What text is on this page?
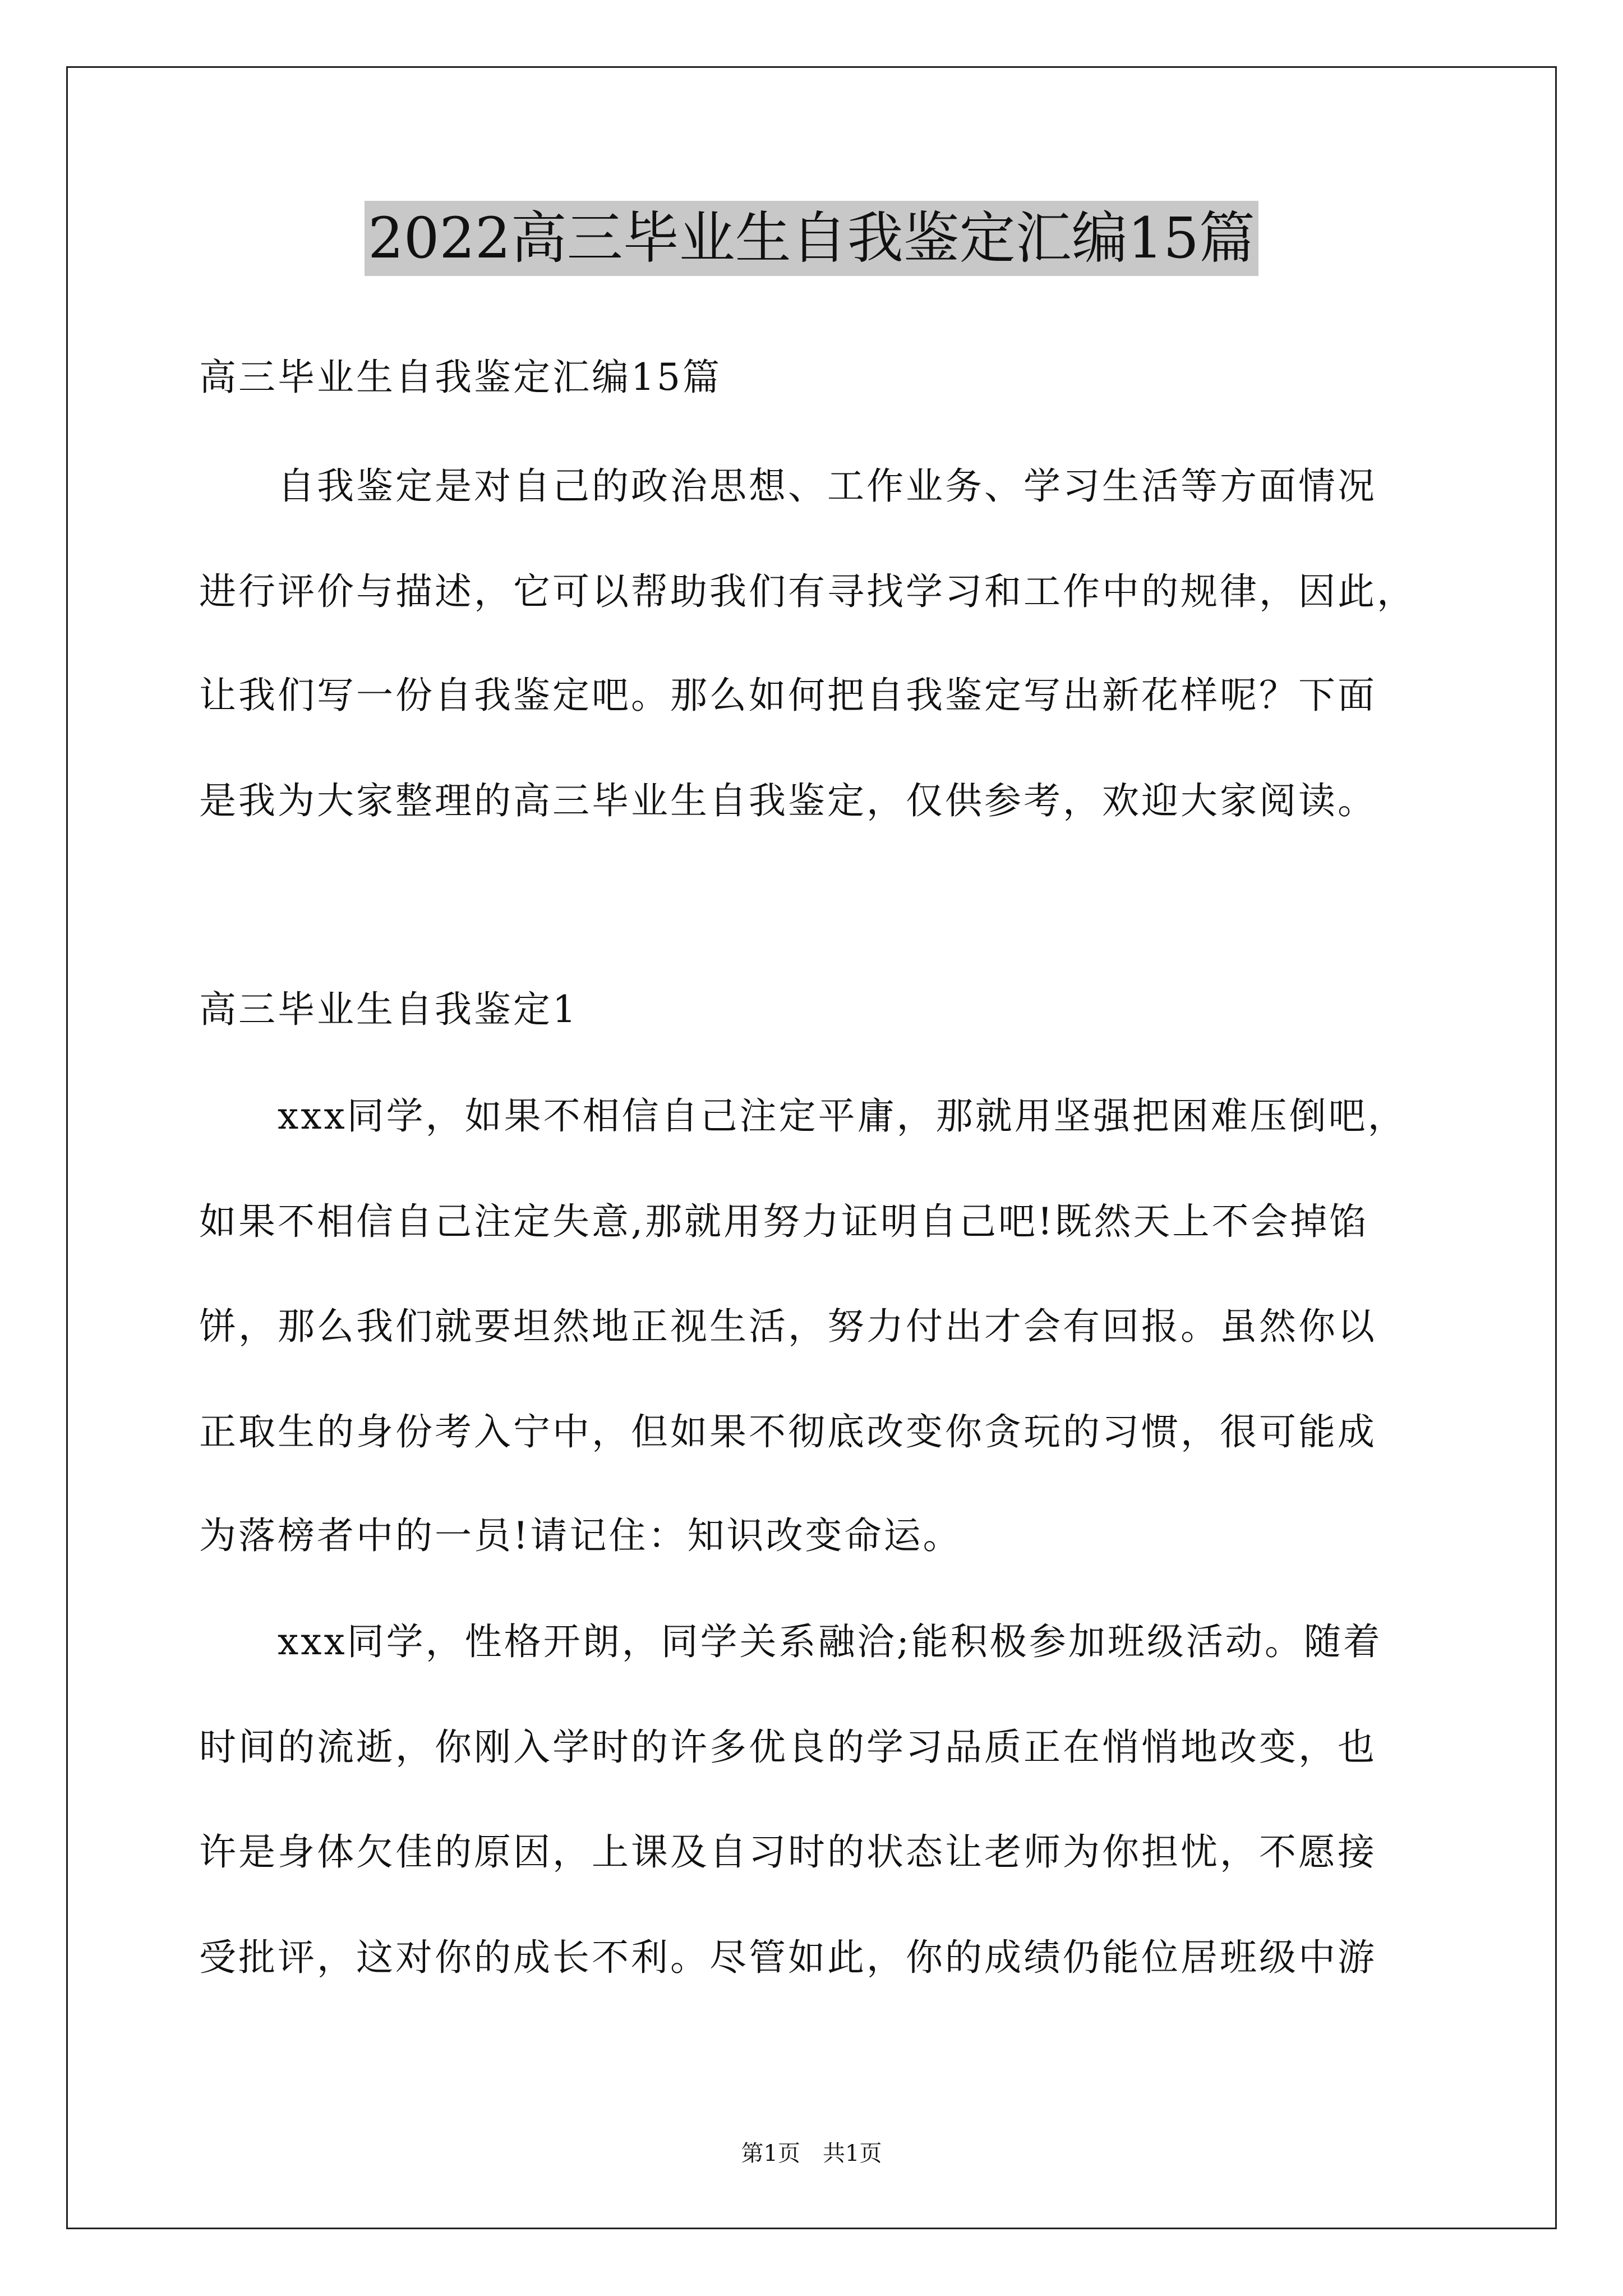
2022高三毕业生自我鉴定汇编15篇
高三毕业生自我鉴定汇编15篇
　　自我鉴定是对自己的政治思想、工作业务、学习生活等方面情况
进行评价与描述，它可以帮助我们有寻找学习和工作中的规律，因此，
让我们写一份自我鉴定吧。那么如何把自我鉴定写出新花样呢？下面
是我为大家整理的高三毕业生自我鉴定，仅供参考，欢迎大家阅读。
高三毕业生自我鉴定1
　　xxx同学，如果不相信自己注定平庸，那就用坚强把困难压倒吧，
如果不相信自己注定失意,那就用努力证明自己吧!既然天上不会掉馅
饼，那么我们就要坦然地正视生活，努力付出才会有回报。虽然你以
正取生的身份考入宁中，但如果不彻底改变你贪玩的习惯，很可能成
为落榜者中的一员!请记住：知识改变命运。
　　xxx同学，性格开朗，同学关系融洽;能积极参加班级活动。随着
时间的流逝，你刚入学时的许多优良的学习品质正在悄悄地改变，也
许是身体欠佳的原因，上课及自习时的状态让老师为你担忧，不愿接
受批评，这对你的成长不利。尽管如此，你的成绩仍能位居班级中游
第1页　共1页
